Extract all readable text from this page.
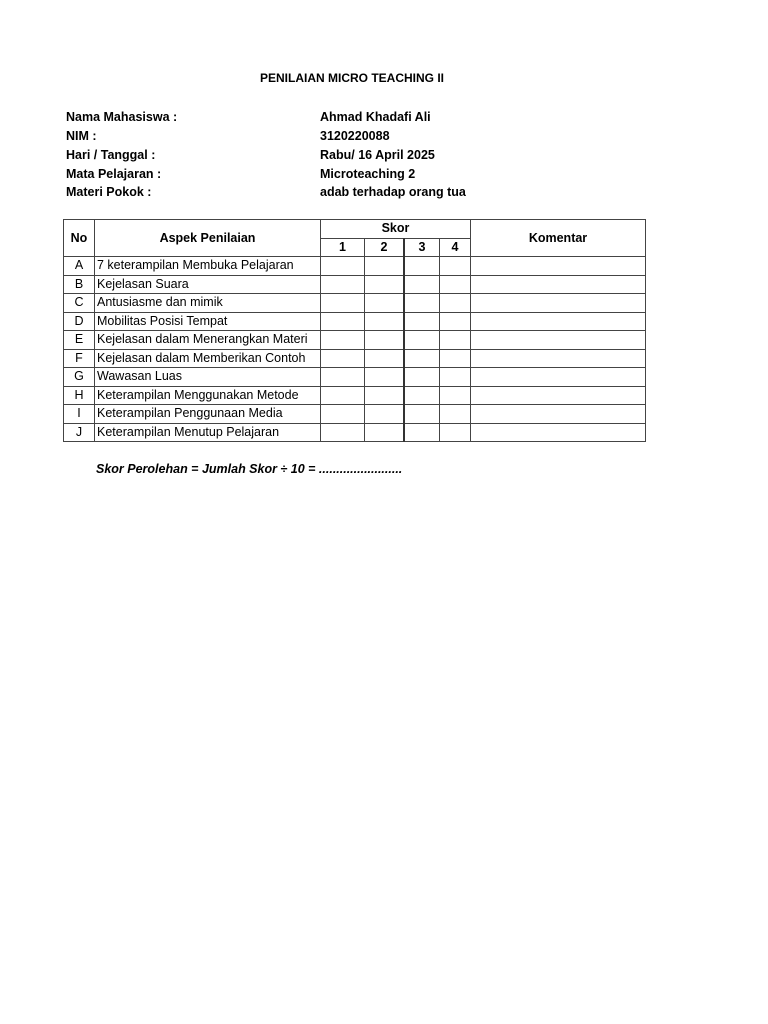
PENILAIAN MICRO TEACHING II
Nama Mahasiswa :	Ahmad Khadafi Ali
NIM :	3120220088
Hari / Tanggal :	Rabu/ 16 April 2025
Mata Pelajaran :	Microteaching 2
Materi Pokok :	adab terhadap orang tua
No	Aspek Penilaian	Skor				Komentar
		1	2	3	4	
A	7 keterampilan Membuka Pelajaran					
B	Kejelasan Suara					
C	Antusiasme dan mimik					
D	Mobilitas Posisi Tempat					
E	Kejelasan dalam Menerangkan Materi					
F	Kejelasan dalam Memberikan Contoh					
G	Wawasan Luas					
H	Keterampilan Menggunakan Metode					
I	Keterampilan Penggunaan Media					
J	Keterampilan Menutup Pelajaran					
Skor Perolehan = Jumlah Skor ÷ 10 = ........................
